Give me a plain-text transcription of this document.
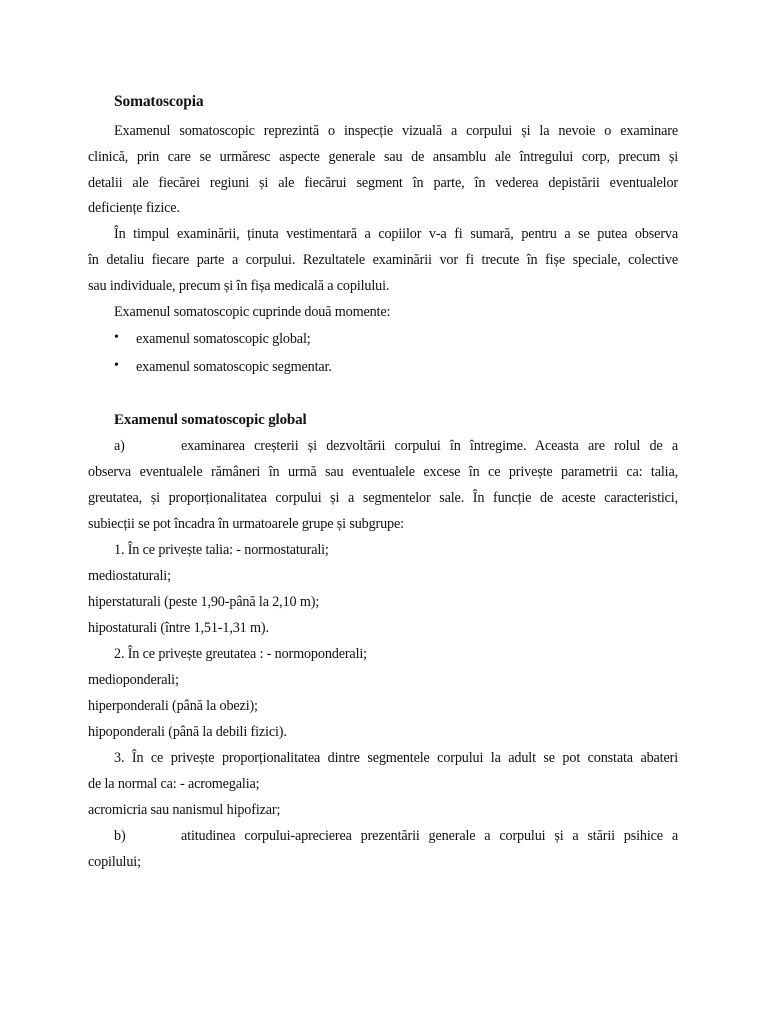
Somatoscopia
Examenul somatoscopic reprezintă o inspecție vizuală a corpului și la nevoie o examinare
clinică, prin care se urmăresc aspecte generale sau de ansamblu ale întregului corp, precum și
detalii ale fiecărei regiuni și ale fiecărui segment în parte, în vederea depistării eventualelor
deficiențe fizice.
În timpul examinării, ținuta vestimentară a copiilor v-a fi sumară, pentru a se putea observa
în detaliu fiecare parte a corpului. Rezultatele examinării vor fi trecute în fișe speciale, colective
sau individuale, precum și în fișa medicală a copilului.
Examenul somatoscopic cuprinde două momente:
• examenul somatoscopic global;
• examenul somatoscopic segmentar.
Examenul somatoscopic global
a)	examinarea creșterii și dezvoltării corpului în întregime. Aceasta are rolul de a
observa eventualele rămâneri în urmă sau eventualele excese în ce privește parametrii ca: talia,
greutatea, și proporționalitatea corpului și a segmentelor sale. În funcție de aceste caracteristici,
subiecții se pot încadra în urmatoarele grupe și subgrupe:
1. În ce privește talia: - normostaturali;
mediostaturali;
hiperstaturali (peste 1,90-până la 2,10 m);
hipostaturali (între 1,51-1,31 m).
2. În ce privește greutatea : - normoponderali;
medioponderali;
hiperponderali (până la obezi);
hipoponderali (până la debili fizici).
3. În ce privește proporționalitatea dintre segmentele corpului la adult se pot constata abateri
de la normal ca: - acromegalia;
acromicria sau nanismul hipofizar;
b)	atitudinea corpului-aprecierea prezentării generale a corpului și a stării psihice a
copilului;
